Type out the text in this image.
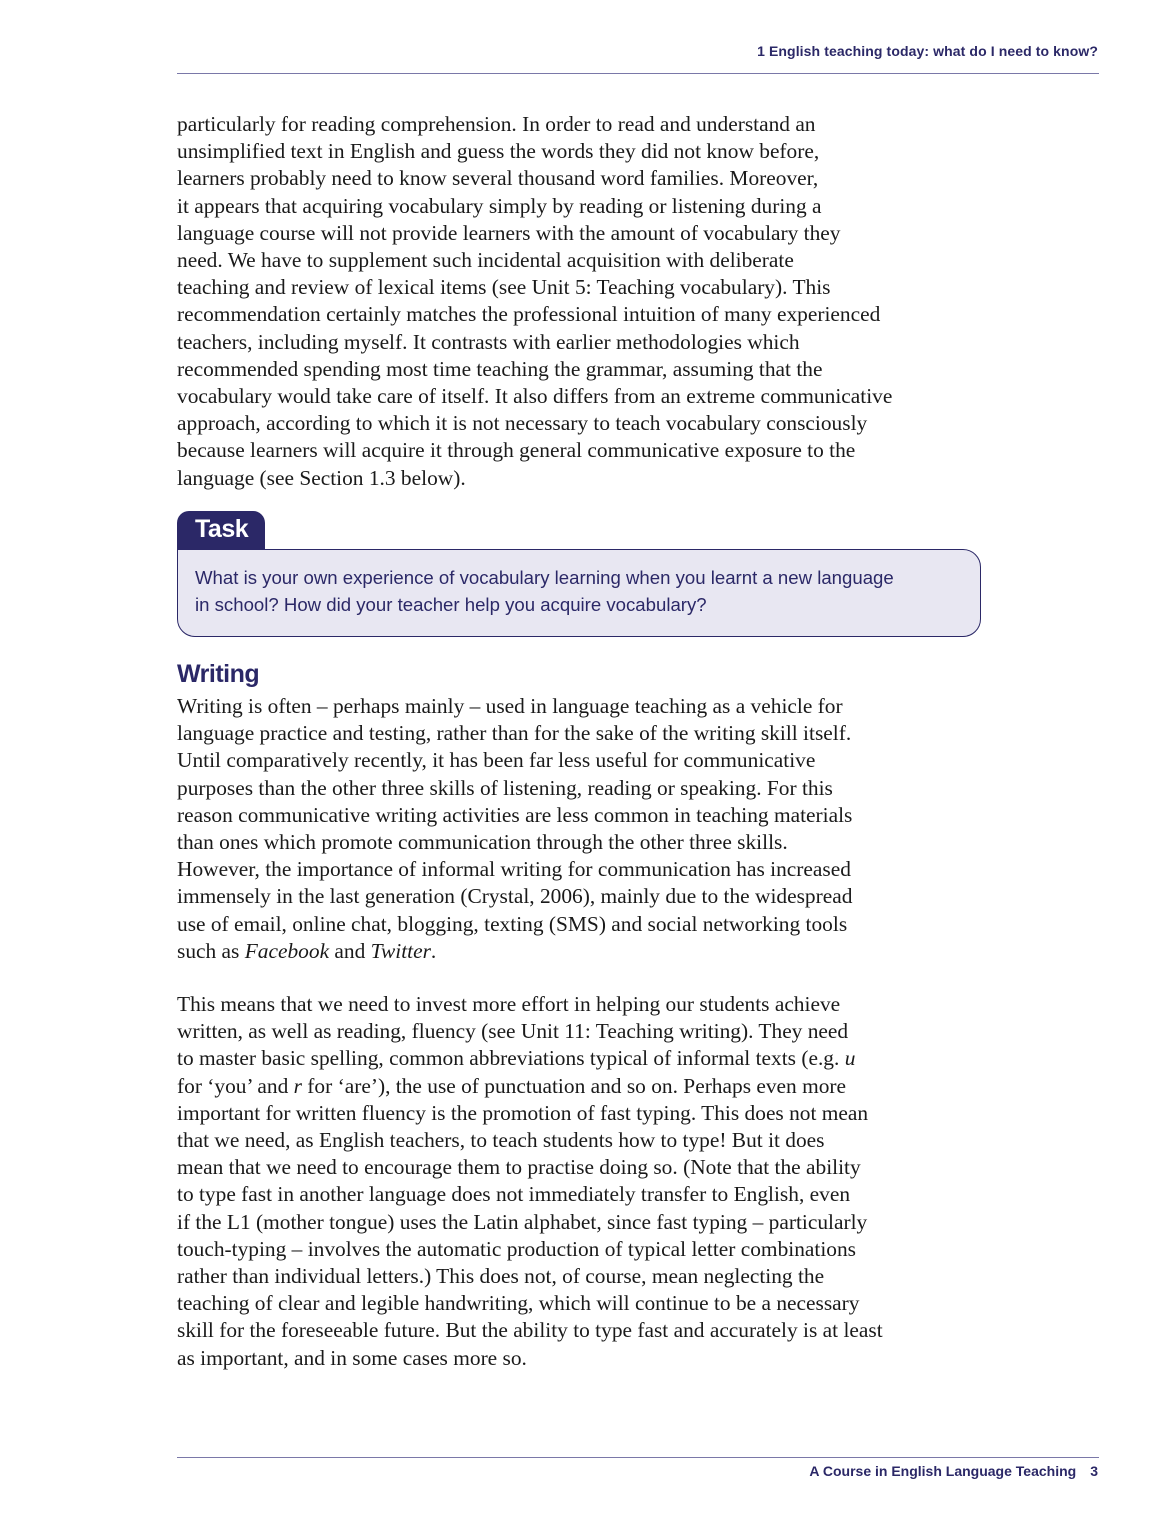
1 English teaching today: what do I need to know?

particularly for reading comprehension. In order to read and understand an
unsimplified text in English and guess the words they did not know before,
learners probably need to know several thousand word families. Moreover,
it appears that acquiring vocabulary simply by reading or listening during a
language course will not provide learners with the amount of vocabulary they
need. We have to supplement such incidental acquisition with deliberate
teaching and review of lexical items (see Unit 5: Teaching vocabulary). This
recommendation certainly matches the professional intuition of many experienced
teachers, including myself. It contrasts with earlier methodologies which
recommended spending most time teaching the grammar, assuming that the
vocabulary would take care of itself. It also differs from an extreme communicative
approach, according to which it is not necessary to teach vocabulary consciously
because learners will acquire it through general communicative exposure to the
language (see Section 1.3 below).

Task
What is your own experience of vocabulary learning when you learnt a new language
in school? How did your teacher help you acquire vocabulary?
Writing

Writing is often – perhaps mainly – used in language teaching as a vehicle for
language practice and testing, rather than for the sake of the writing skill itself.
Until comparatively recently, it has been far less useful for communicative
purposes than the other three skills of listening, reading or speaking. For this
reason communicative writing activities are less common in teaching materials
than ones which promote communication through the other three skills.
However, the importance of informal writing for communication has increased
immensely in the last generation (Crystal, 2006), mainly due to the widespread
use of email, online chat, blogging, texting (SMS) and social networking tools
such as Facebook and Twitter.

This means that we need to invest more effort in helping our students achieve
written, as well as reading, fluency (see Unit 11: Teaching writing). They need
to master basic spelling, common abbreviations typical of informal texts (e.g. u
for ‘you’ and r for ‘are’), the use of punctuation and so on. Perhaps even more
important for written fluency is the promotion of fast typing. This does not mean
that we need, as English teachers, to teach students how to type! But it does
mean that we need to encourage them to practise doing so. (Note that the ability
to type fast in another language does not immediately transfer to English, even
if the L1 (mother tongue) uses the Latin alphabet, since fast typing – particularly
touch-typing – involves the automatic production of typical letter combinations
rather than individual letters.) This does not, of course, mean neglecting the
teaching of clear and legible handwriting, which will continue to be a necessary
skill for the foreseeable future. But the ability to type fast and accurately is at least
as important, and in some cases more so.

A Course in English Language Teaching 3
